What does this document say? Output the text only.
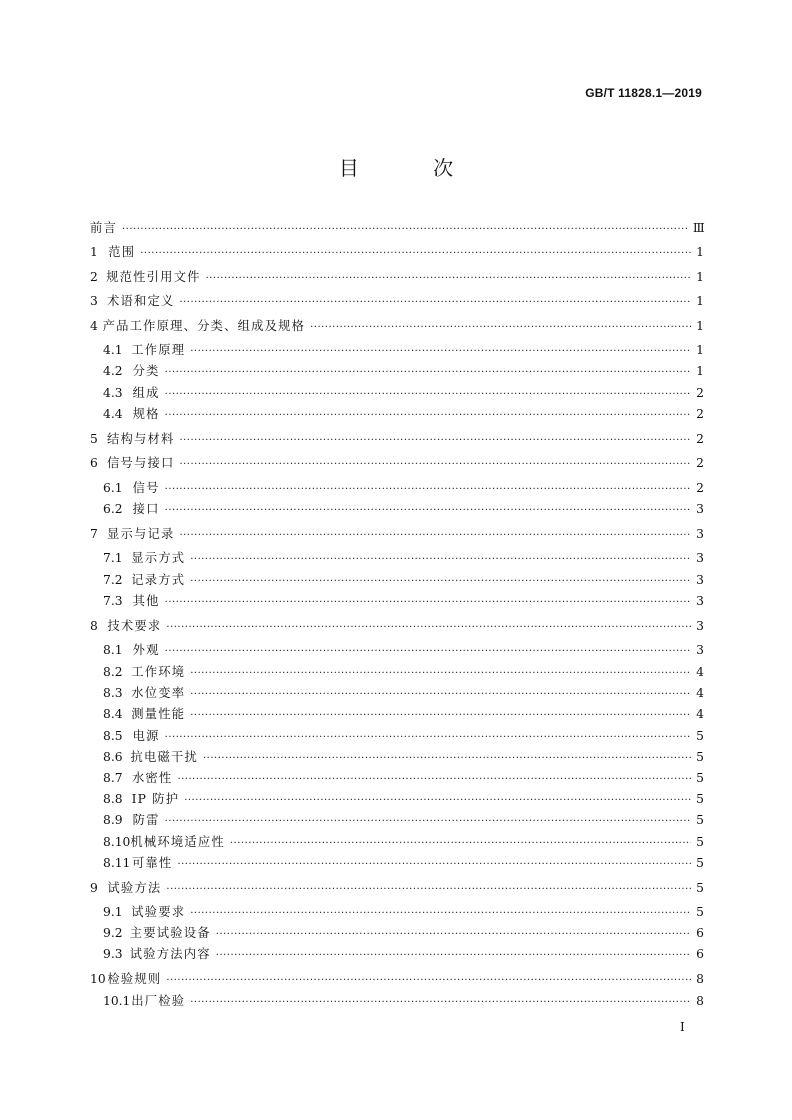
GB/T 11828.1—2019
目 次
前言 ·····	Ⅲ
1 范围 ·····	1
2 规范性引用文件 ·····	1
3 术语和定义 ·····	1
4 产品工作原理、分类、组成及规格 ·····	1
4.1 工作原理 ·····	1
4.2 分类 ·····	1
4.3 组成 ·····	2
4.4 规格 ·····	2
5 结构与材料 ·····	2
6 信号与接口 ·····	2
6.1 信号 ·····	2
6.2 接口 ·····	3
7 显示与记录 ·····	3
7.1 显示方式 ·····	3
7.2 记录方式 ·····	3
7.3 其他 ·····	3
8 技术要求 ·····	3
8.1 外观 ·····	3
8.2 工作环境 ·····	4
8.3 水位变率 ·····	4
8.4 测量性能 ·····	4
8.5 电源 ·····	5
8.6 抗电磁干扰 ·····	5
8.7 水密性 ·····	5
8.8 IP 防护 ·····	5
8.9 防雷 ·····	5
8.10 机械环境适应性 ·····	5
8.11 可靠性 ·····	5
9 试验方法 ·····	5
9.1 试验要求 ·····	5
9.2 主要试验设备 ·····	6
9.3 试验方法内容 ·····	6
10 检验规则 ·····	8
10.1 出厂检验 ·····	8
I
